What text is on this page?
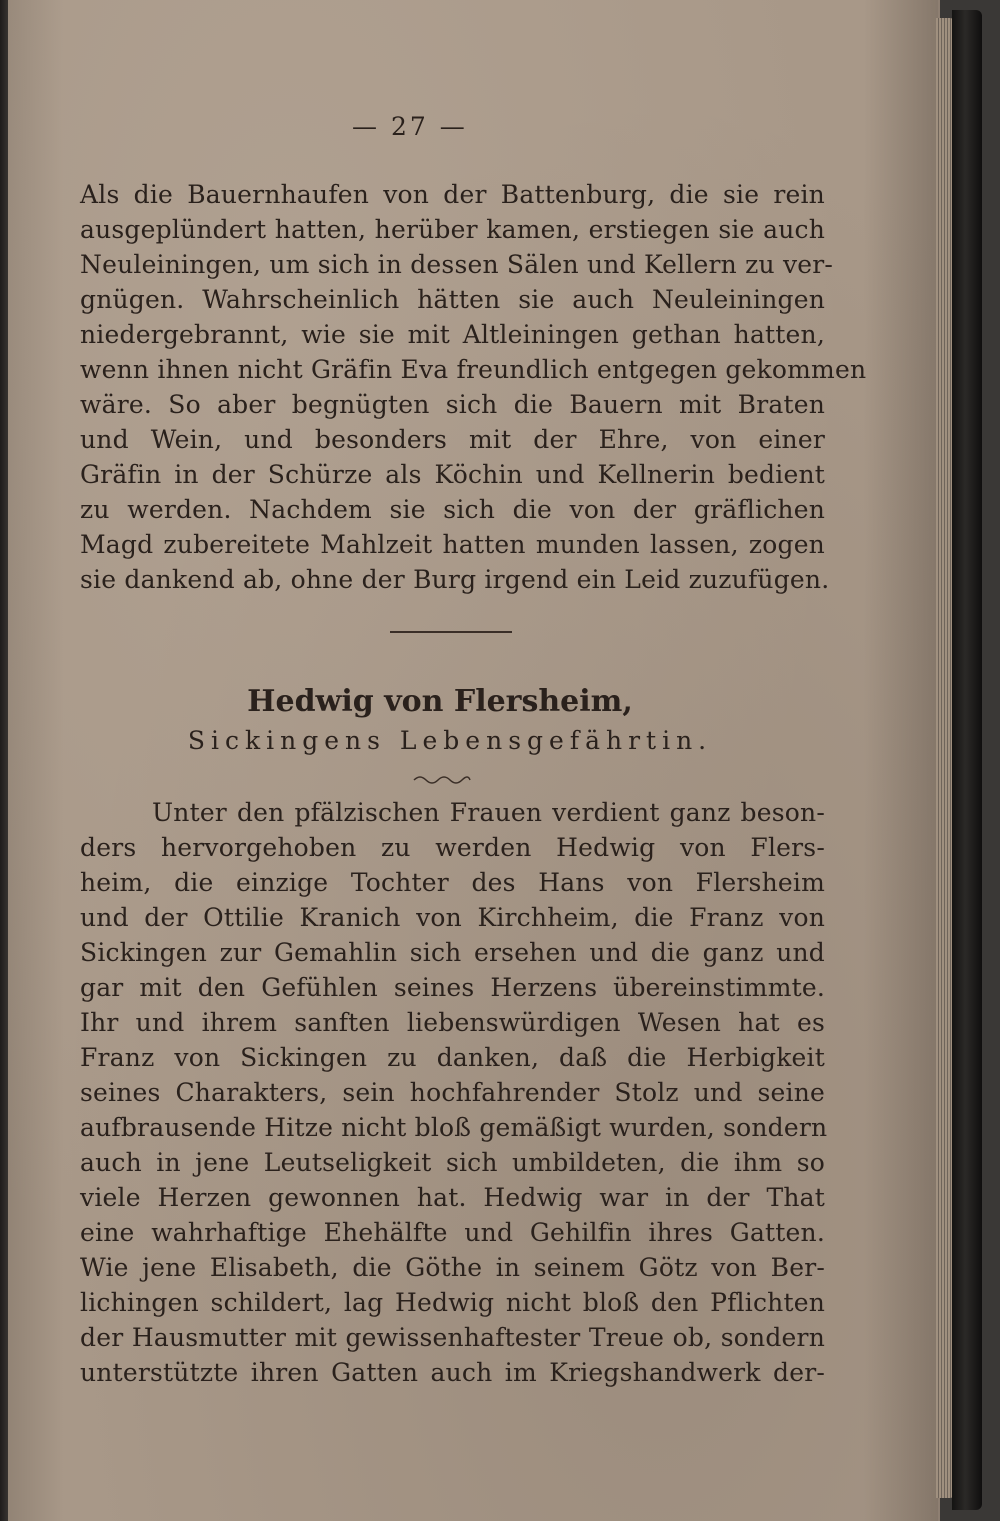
— 27 —
Als die Bauernhaufen von der Battenburg, die sie rein
ausgeplündert hatten, herüber kamen, erstiegen sie auch
Neuleiningen, um sich in dessen Sälen und Kellern zu ver-
gnügen. Wahrscheinlich hätten sie auch Neuleiningen
niedergebrannt, wie sie mit Altleiningen gethan hatten,
wenn ihnen nicht Gräfin Eva freundlich entgegen gekommen
wäre. So aber begnügten sich die Bauern mit Braten
und Wein, und besonders mit der Ehre, von einer
Gräfin in der Schürze als Köchin und Kellnerin bedient
zu werden. Nachdem sie sich die von der gräflichen
Magd zubereitete Mahlzeit hatten munden lassen, zogen
sie dankend ab, ohne der Burg irgend ein Leid zuzufügen.
Hedwig von Flersheim,
Sickingens Lebensgefährtin.
Unter den pfälzischen Frauen verdient ganz beson-
ders hervorgehoben zu werden Hedwig von Flers-
heim, die einzige Tochter des Hans von Flersheim
und der Ottilie Kranich von Kirchheim, die Franz von
Sickingen zur Gemahlin sich ersehen und die ganz und
gar mit den Gefühlen seines Herzens übereinstimmte.
Ihr und ihrem sanften liebenswürdigen Wesen hat es
Franz von Sickingen zu danken, daß die Herbigkeit
seines Charakters, sein hochfahrender Stolz und seine
aufbrausende Hitze nicht bloß gemäßigt wurden, sondern
auch in jene Leutseligkeit sich umbildeten, die ihm so
viele Herzen gewonnen hat. Hedwig war in der That
eine wahrhaftige Ehehälfte und Gehilfin ihres Gatten.
Wie jene Elisabeth, die Göthe in seinem Götz von Ber-
lichingen schildert, lag Hedwig nicht bloß den Pflichten
der Hausmutter mit gewissenhaftester Treue ob, sondern
unterstützte ihren Gatten auch im Kriegshandwerk der-
